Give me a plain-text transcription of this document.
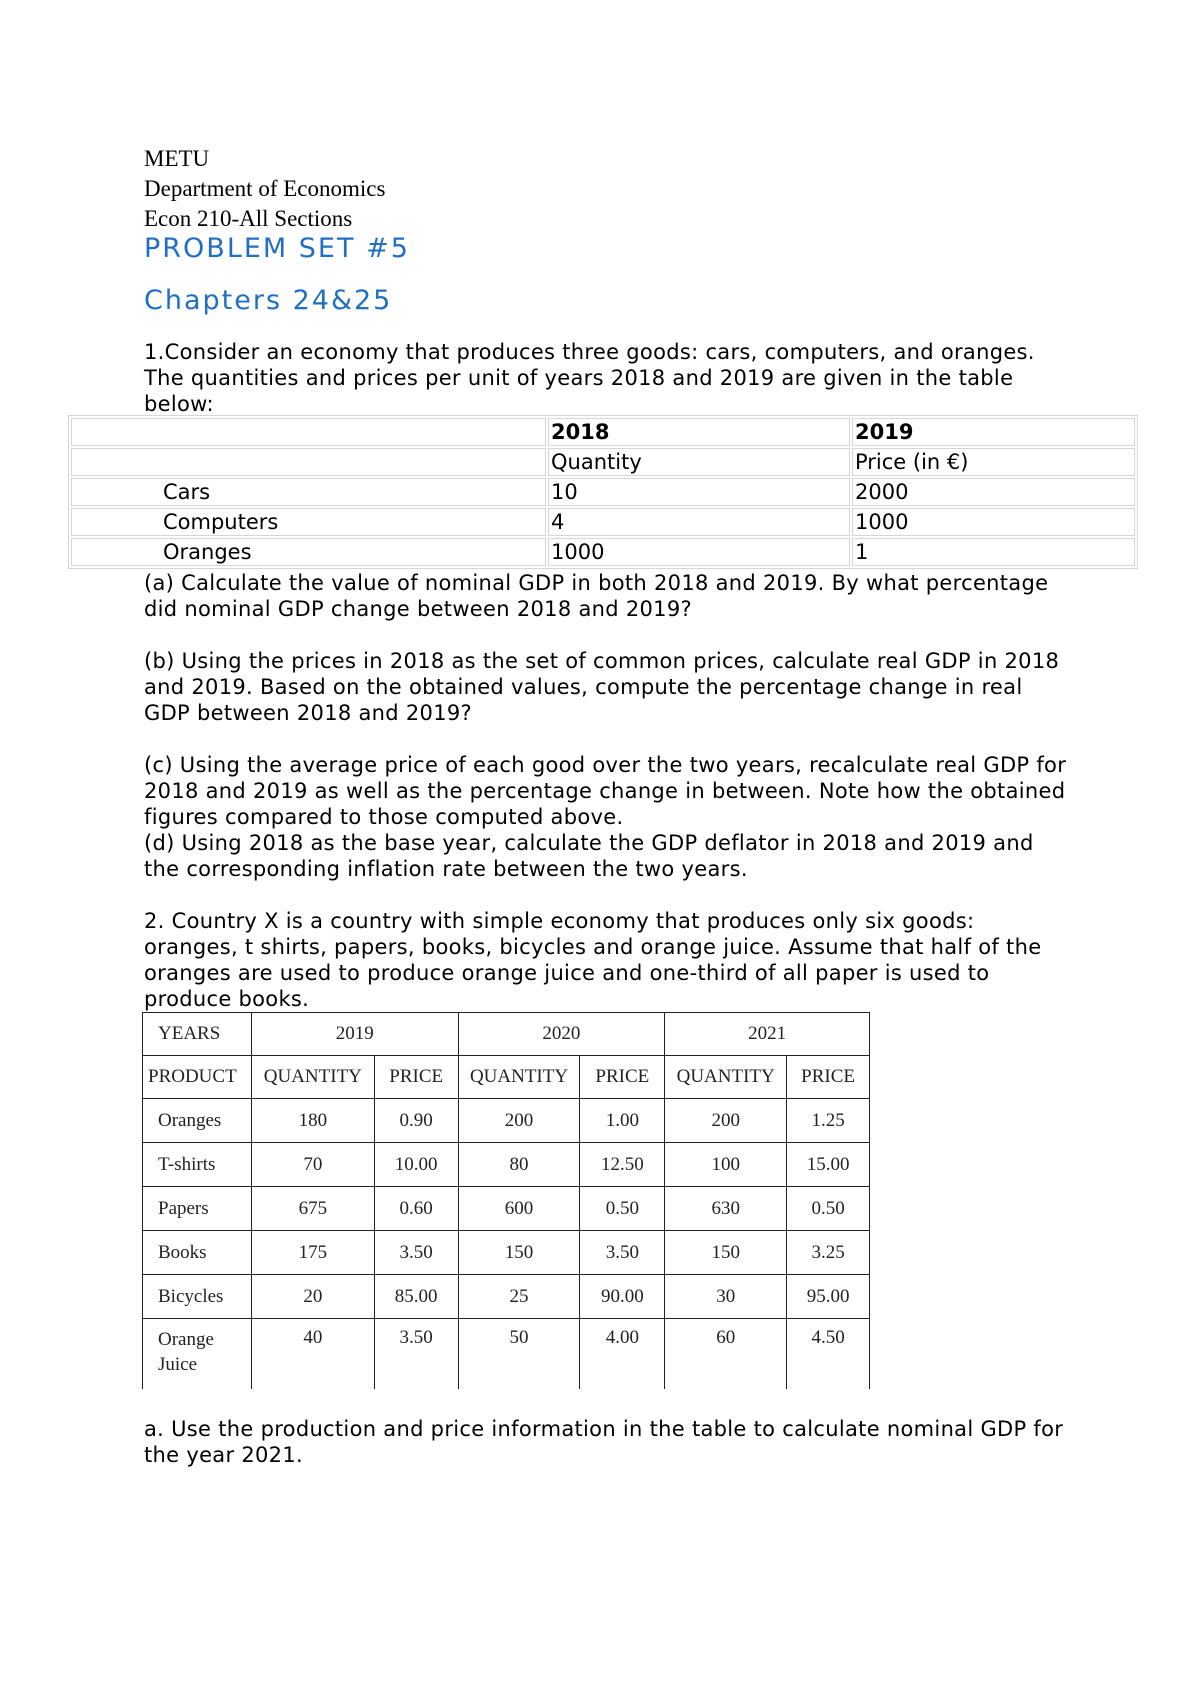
METU
Department of Economics
Econ 210-All Sections
PROBLEM SET #5
Chapters 24&25

1.Consider an economy that produces three goods: cars, computers, and oranges. The quantities and prices per unit of years 2018 and 2019 are given in the table below:

	2018	2019
	Quantity	Price (in €)
Cars	10	2000
Computers	4	1000
Oranges	1000	1

(a) Calculate the value of nominal GDP in both 2018 and 2019. By what percentage did nominal GDP change between 2018 and 2019?

(b) Using the prices in 2018 as the set of common prices, calculate real GDP in 2018 and 2019. Based on the obtained values, compute the percentage change in real GDP between 2018 and 2019?

(c) Using the average price of each good over the two years, recalculate real GDP for 2018 and 2019 as well as the percentage change in between. Note how the obtained figures compared to those computed above.

(d) Using 2018 as the base year, calculate the GDP deflator in 2018 and 2019 and the corresponding inflation rate between the two years.

2. Country X is a country with simple economy that produces only six goods: oranges, t shirts, papers, books, bicycles and orange juice. Assume that half of the oranges are used to produce orange juice and one-third of all paper is used to produce books.

YEARS	2019		2020		2021	
PRODUCT	QUANTITY	PRICE	QUANTITY	PRICE	QUANTITY	PRICE
Oranges	180	0.90	200	1.00	200	1.25
T-shirts	70	10.00	80	12.50	100	15.00
Papers	675	0.60	600	0.50	630	0.50
Books	175	3.50	150	3.50	150	3.25
Bicycles	20	85.00	25	90.00	30	95.00

Orange
Juice	40	3.50	50	4.00	60	4.50

a. Use the production and price information in the table to calculate nominal GDP for the year 2021.
